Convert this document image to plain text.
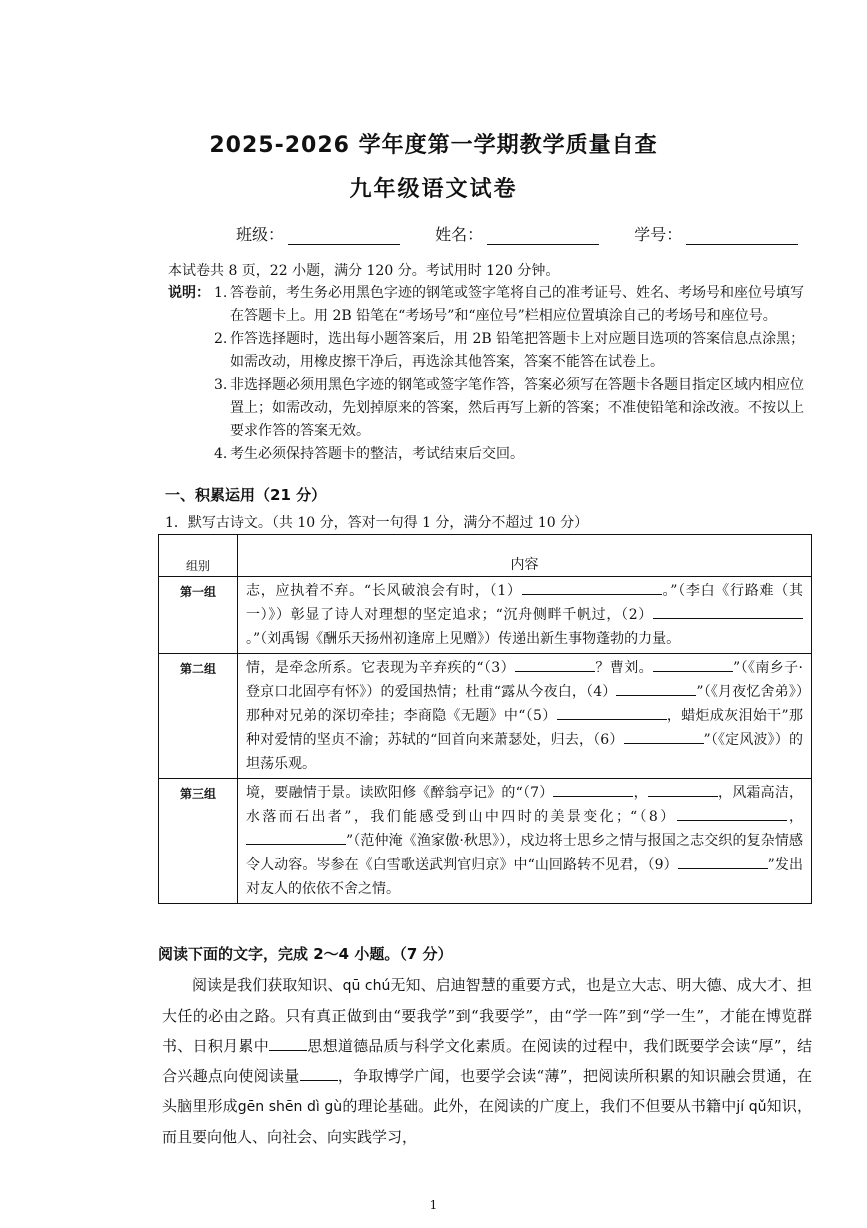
2025-2026 学年度第一学期教学质量自查
九年级语文试卷
班级：	姓名：	学号：
本试卷共 8 页，22 小题，满分 120 分。考试用时 120 分钟。
说明： 1. 答卷前，考生务必用黑色字迹的钢笔或签字笔将自己的准考证号、姓名、考场号和座位号填写在答题卡上。用 2B 铅笔在“考场号”和“座位号”栏相应位置填涂自己的考场号和座位号。
2. 作答选择题时，选出每小题答案后，用 2B 铅笔把答题卡上对应题目选项的答案信息点涂黑；如需改动，用橡皮擦干净后，再选涂其他答案，答案不能答在试卷上。
3. 非选择题必须用黑色字迹的钢笔或签字笔作答，答案必须写在答题卡各题目指定区域内相应位置上；如需改动，先划掉原来的答案，然后再写上新的答案；不准使铅笔和涂改液。不按以上要求作答的答案无效。
4. 考生必须保持答题卡的整洁，考试结束后交回。
一、积累运用（21 分）
1．默写古诗文。（共 10 分，答对一句得 1 分，满分不超过 10 分）
组别	内容
第一组	志，应执着不弃。“长风破浪会有时，（1） 。”（李白《行路难（其一）》）彰显了诗人对理想的坚定追求；“沉舟侧畔千帆过，（2）。”（刘禹锡《酬乐天扬州初逢席上见赠》）传递出新生事物蓬勃的力量。
第二组	情，是牵念所系。它表现为辛弃疾的“（3） ？曹刘。 ”（《南乡子·登京口北固亭有怀》）的爱国热情；杜甫“露从今夜白，（4） ”（《月夜忆舍弟》）那种对兄弟的深切牵挂；李商隐《无题》中“（5） ，蜡炬成灰泪始干”那种对爱情的坚贞不渝；苏轼的“回首向来萧瑟处，归去，（6） ”（《定风波》）的坦荡乐观。
第三组	境，要融情于景。读欧阳修《醉翁亭记》的“（7） ， ，风霜高洁，水落而石出者”，我们能感受到山中四时的美景变化；“（8） ，”（范仲淹《渔家傲·秋思》），戍边将士思乡之情与报国之志交织的复杂情感令人动容。岑参在《白雪歌送武判官归京》中“山回路转不见君，（9） ”发出对友人的依依不舍之情。
阅读下面的文字，完成 2～4 小题。（7 分）

阅读是我们获取知识、qū chú无知、启迪智慧的重要方式，也是立大志、明大德、成大才、担大任的必由之路。只有真正做到由“要我学”到“我要学”，由“学一阵”到“学一生”，才能在博览群书、日积月累中	思想道德品质与科学文化素质。在阅读的过程中，我们既要学会读“厚”，结合兴趣点向使阅读量	，争取博学广闻，也要学会读“薄”，把阅读所积累的知识融会贯通，在头脑里形成gēn shēn dì gù的理论基础。此外，在阅读的广度上，我们不但要从书籍中jí qǔ知识，而且要向他人、向社会、向实践学习，

1
